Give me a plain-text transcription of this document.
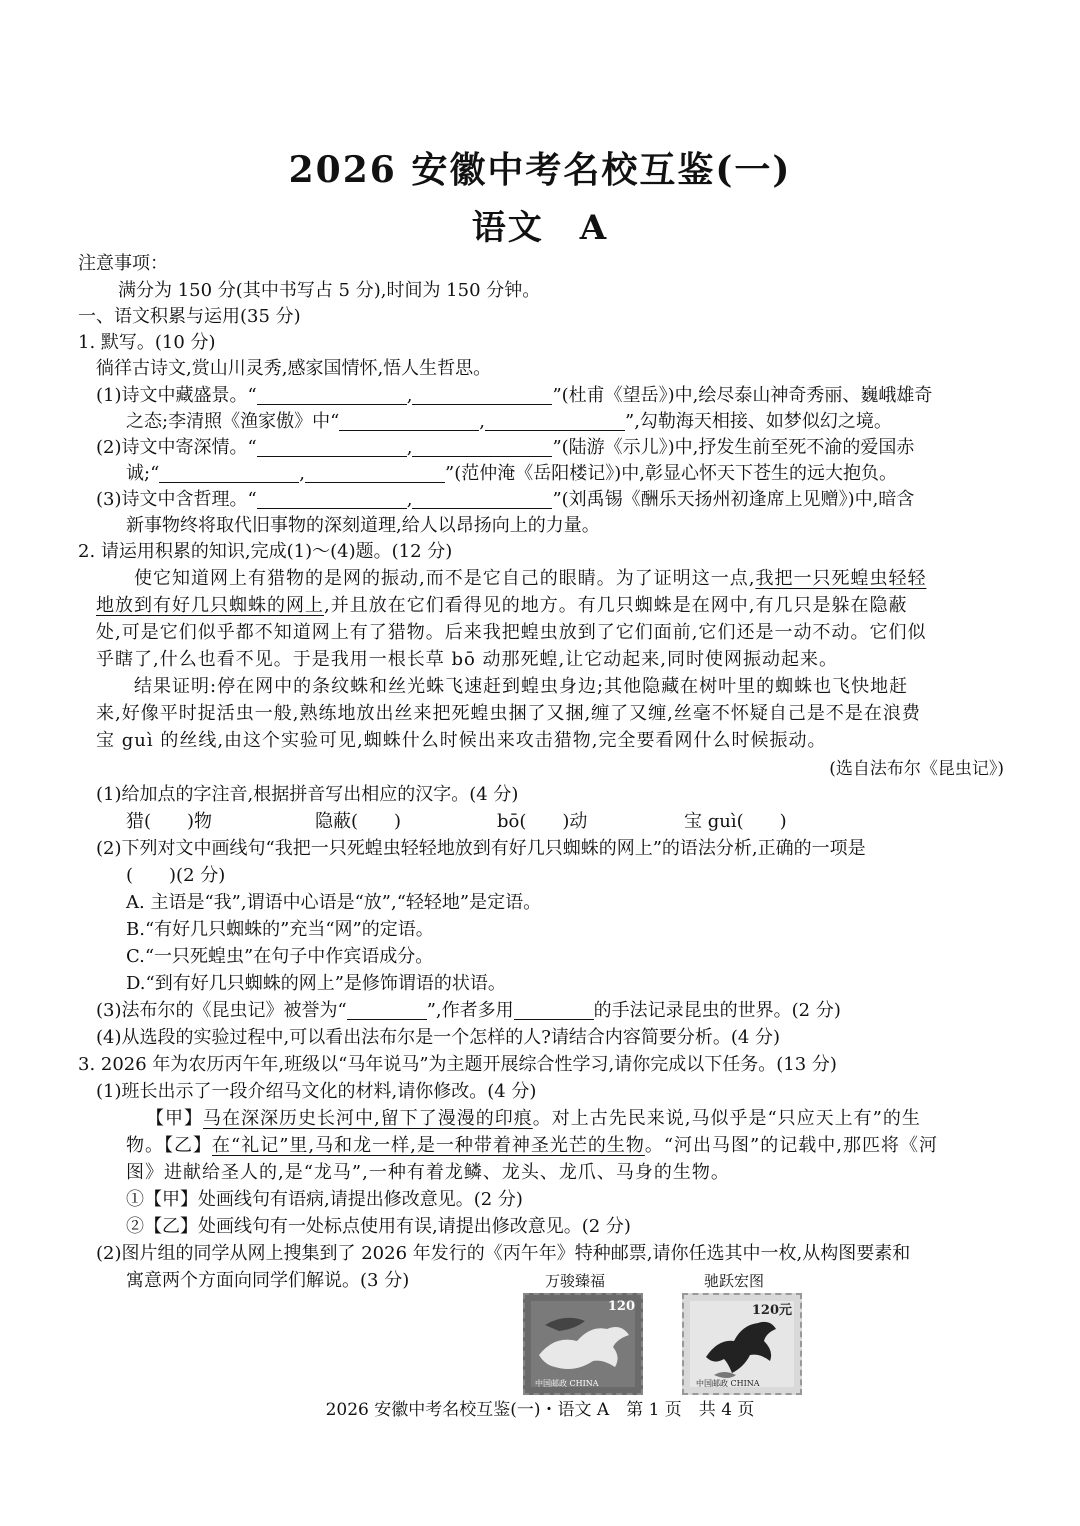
2026 安徽中考名校互鉴(一)
语文　A
注意事项：
满分为 150 分(其中书写占 5 分),时间为 150 分钟。
一、语文积累与运用(35 分)
1. 默写。(10 分)
徜徉古诗文,赏山川灵秀,感家国情怀,悟人生哲思。
(1)诗文中藏盛景。“	,	”(杜甫《望岳》)中,绘尽泰山神奇秀丽、巍峨雄奇
之态;李清照《渔家傲》中“	,	”,勾勒海天相接、如梦似幻之境。
(2)诗文中寄深情。“	,	”(陆游《示儿》)中,抒发生前至死不渝的爱国赤
诚;“	,	”(范仲淹《岳阳楼记》)中,彰显心怀天下苍生的远大抱负。
(3)诗文中含哲理。“	,	”(刘禹锡《酬乐天扬州初逢席上见赠》)中,暗含
新事物终将取代旧事物的深刻道理,给人以昂扬向上的力量。
2. 请运用积累的知识,完成(1)～(4)题。(12 分)
使它知道网上有猎物的是网的振动,而不是它自己的眼睛。为了证明这一点,我把一只死蝗虫轻轻
地放到有好几只蜘蛛的网上,并且放在它们看得见的地方。有几只蜘蛛是在网中,有几只是躲在隐蔽
处,可是它们似乎都不知道网上有了猎物。后来我把蝗虫放到了它们面前,它们还是一动不动。它们似
乎瞎了,什么也看不见。于是我用一根长草 bō 动那死蝗,让它动起来,同时使网振动起来。
结果证明:停在网中的条纹蛛和丝光蛛飞速赶到蝗虫身边;其他隐藏在树叶里的蜘蛛也飞快地赶
来,好像平时捉活虫一般,熟练地放出丝来把死蝗虫捆了又捆,缠了又缠,丝毫不怀疑自己是不是在浪费
宝 guì 的丝线,由这个实验可见,蜘蛛什么时候出来攻击猎物,完全要看网什么时候振动。
(选自法布尔《昆虫记》)
(1)给加点的字注音,根据拼音写出相应的汉字。(4 分)
猎(　　)物	隐蔽(　　)	bō(　　)动	宝 guì(　　)
(2)下列对文中画线句“我把一只死蝗虫轻轻地放到有好几只蜘蛛的网上”的语法分析,正确的一项是
(　　)(2 分)
A. 主语是“我”,谓语中心语是“放”,“轻轻地”是定语。
B.“有好几只蜘蛛的”充当“网”的定语。
C.“一只死蝗虫”在句子中作宾语成分。
D.“到有好几只蜘蛛的网上”是修饰谓语的状语。
(3)法布尔的《昆虫记》被誉为“	”,作者多用	的手法记录昆虫的世界。(2 分)
(4)从选段的实验过程中,可以看出法布尔是一个怎样的人?请结合内容简要分析。(4 分)
3. 2026 年为农历丙午年,班级以“马年说马”为主题开展综合性学习,请你完成以下任务。(13 分)
(1)班长出示了一段介绍马文化的材料,请你修改。(4 分)
【甲】马在深深历史长河中,留下了漫漫的印痕。对上古先民来说,马似乎是“只应天上有”的生
物。【乙】在“礼记”里,马和龙一样,是一种带着神圣光芒的生物。“河出马图”的记载中,那匹将《河
图》进献给圣人的,是“龙马”,一种有着龙鳞、龙头、龙爪、马身的生物。
①【甲】处画线句有语病,请提出修改意见。(2 分)
②【乙】处画线句有一处标点使用有误,请提出修改意见。(2 分)
(2)图片组的同学从网上搜集到了 2026 年发行的《丙午年》特种邮票,请你任选其中一枚,从构图要素和
寓意两个方面向同学们解说。(3 分)	万骏臻福	驰跃宏图
120
中国邮政 CHINA
120元
中国邮政 CHINA
2026 安徽中考名校互鉴(一)・语文 A　第 1 页　共 4 页
